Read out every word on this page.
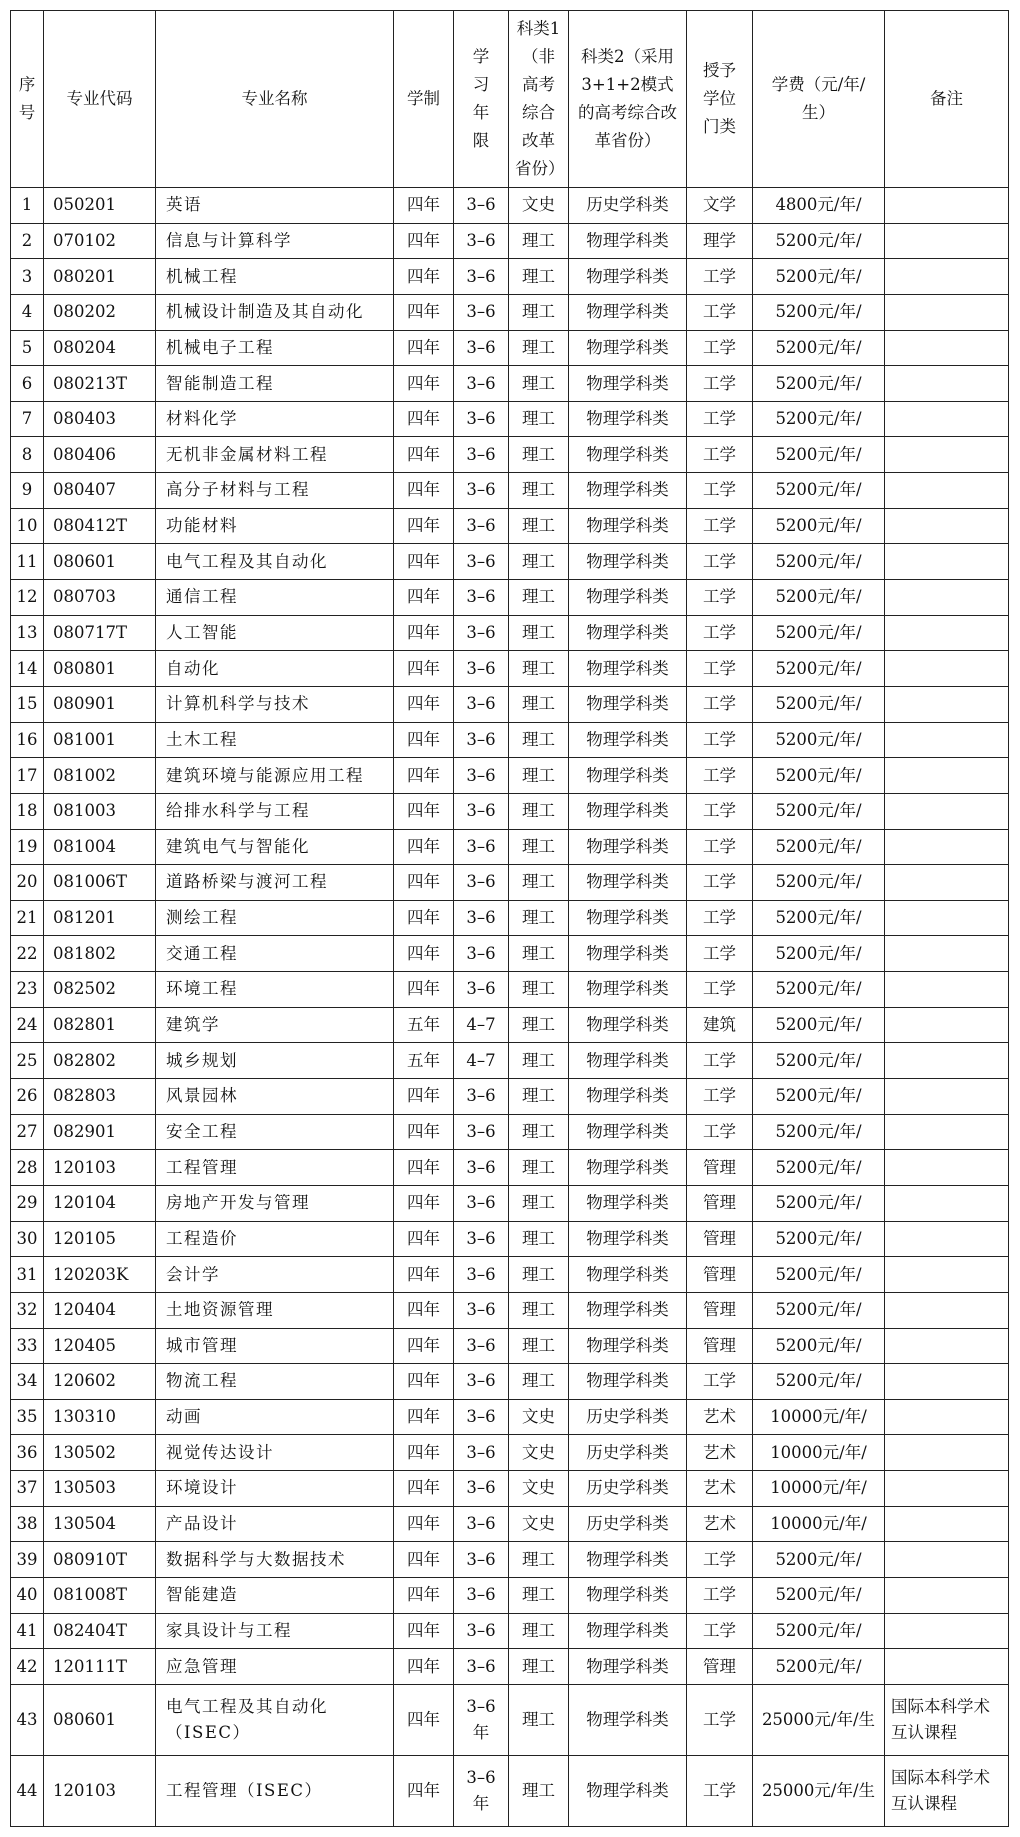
序号	专业代码	专业名称	学制	学习年限	科类1（非高考综合改革省份）	科类2（采用3+1+2模式的高考综合改革省份）	授予学位门类	学费（元/年/生）	备注
1	050201	英语	四年	3–6	文史	历史学科类	文学	4800元/年/	
2	070102	信息与计算科学	四年	3–6	理工	物理学科类	理学	5200元/年/	
3	080201	机械工程	四年	3–6	理工	物理学科类	工学	5200元/年/	
4	080202	机械设计制造及其自动化	四年	3–6	理工	物理学科类	工学	5200元/年/	
5	080204	机械电子工程	四年	3–6	理工	物理学科类	工学	5200元/年/	
6	080213T	智能制造工程	四年	3–6	理工	物理学科类	工学	5200元/年/	
7	080403	材料化学	四年	3–6	理工	物理学科类	工学	5200元/年/	
8	080406	无机非金属材料工程	四年	3–6	理工	物理学科类	工学	5200元/年/	
9	080407	高分子材料与工程	四年	3–6	理工	物理学科类	工学	5200元/年/	
10	080412T	功能材料	四年	3–6	理工	物理学科类	工学	5200元/年/	
11	080601	电气工程及其自动化	四年	3–6	理工	物理学科类	工学	5200元/年/	
12	080703	通信工程	四年	3–6	理工	物理学科类	工学	5200元/年/	
13	080717T	人工智能	四年	3–6	理工	物理学科类	工学	5200元/年/	
14	080801	自动化	四年	3–6	理工	物理学科类	工学	5200元/年/	
15	080901	计算机科学与技术	四年	3–6	理工	物理学科类	工学	5200元/年/	
16	081001	土木工程	四年	3–6	理工	物理学科类	工学	5200元/年/	
17	081002	建筑环境与能源应用工程	四年	3–6	理工	物理学科类	工学	5200元/年/	
18	081003	给排水科学与工程	四年	3–6	理工	物理学科类	工学	5200元/年/	
19	081004	建筑电气与智能化	四年	3–6	理工	物理学科类	工学	5200元/年/	
20	081006T	道路桥梁与渡河工程	四年	3–6	理工	物理学科类	工学	5200元/年/	
21	081201	测绘工程	四年	3–6	理工	物理学科类	工学	5200元/年/	
22	081802	交通工程	四年	3–6	理工	物理学科类	工学	5200元/年/	
23	082502	环境工程	四年	3–6	理工	物理学科类	工学	5200元/年/	
24	082801	建筑学	五年	4–7	理工	物理学科类	建筑	5200元/年/	
25	082802	城乡规划	五年	4–7	理工	物理学科类	工学	5200元/年/	
26	082803	风景园林	四年	3–6	理工	物理学科类	工学	5200元/年/	
27	082901	安全工程	四年	3–6	理工	物理学科类	工学	5200元/年/	
28	120103	工程管理	四年	3–6	理工	物理学科类	管理	5200元/年/	
29	120104	房地产开发与管理	四年	3–6	理工	物理学科类	管理	5200元/年/	
30	120105	工程造价	四年	3–6	理工	物理学科类	管理	5200元/年/	
31	120203K	会计学	四年	3–6	理工	物理学科类	管理	5200元/年/	
32	120404	土地资源管理	四年	3–6	理工	物理学科类	管理	5200元/年/	
33	120405	城市管理	四年	3–6	理工	物理学科类	管理	5200元/年/	
34	120602	物流工程	四年	3–6	理工	物理学科类	工学	5200元/年/	
35	130310	动画	四年	3–6	文史	历史学科类	艺术	10000元/年/	
36	130502	视觉传达设计	四年	3–6	文史	历史学科类	艺术	10000元/年/	
37	130503	环境设计	四年	3–6	文史	历史学科类	艺术	10000元/年/	
38	130504	产品设计	四年	3–6	文史	历史学科类	艺术	10000元/年/	
39	080910T	数据科学与大数据技术	四年	3–6	理工	物理学科类	工学	5200元/年/	
40	081008T	智能建造	四年	3–6	理工	物理学科类	工学	5200元/年/	
41	082404T	家具设计与工程	四年	3–6	理工	物理学科类	工学	5200元/年/	
42	120111T	应急管理	四年	3–6	理工	物理学科类	管理	5200元/年/	
43	080601	电气工程及其自动化（ISEC）	四年	3–6年	理工	物理学科类	工学	25000元/年/生	国际本科学术互认课程
44	120103	工程管理（ISEC）	四年	3–6年	理工	物理学科类	工学	25000元/年/生	国际本科学术互认课程
